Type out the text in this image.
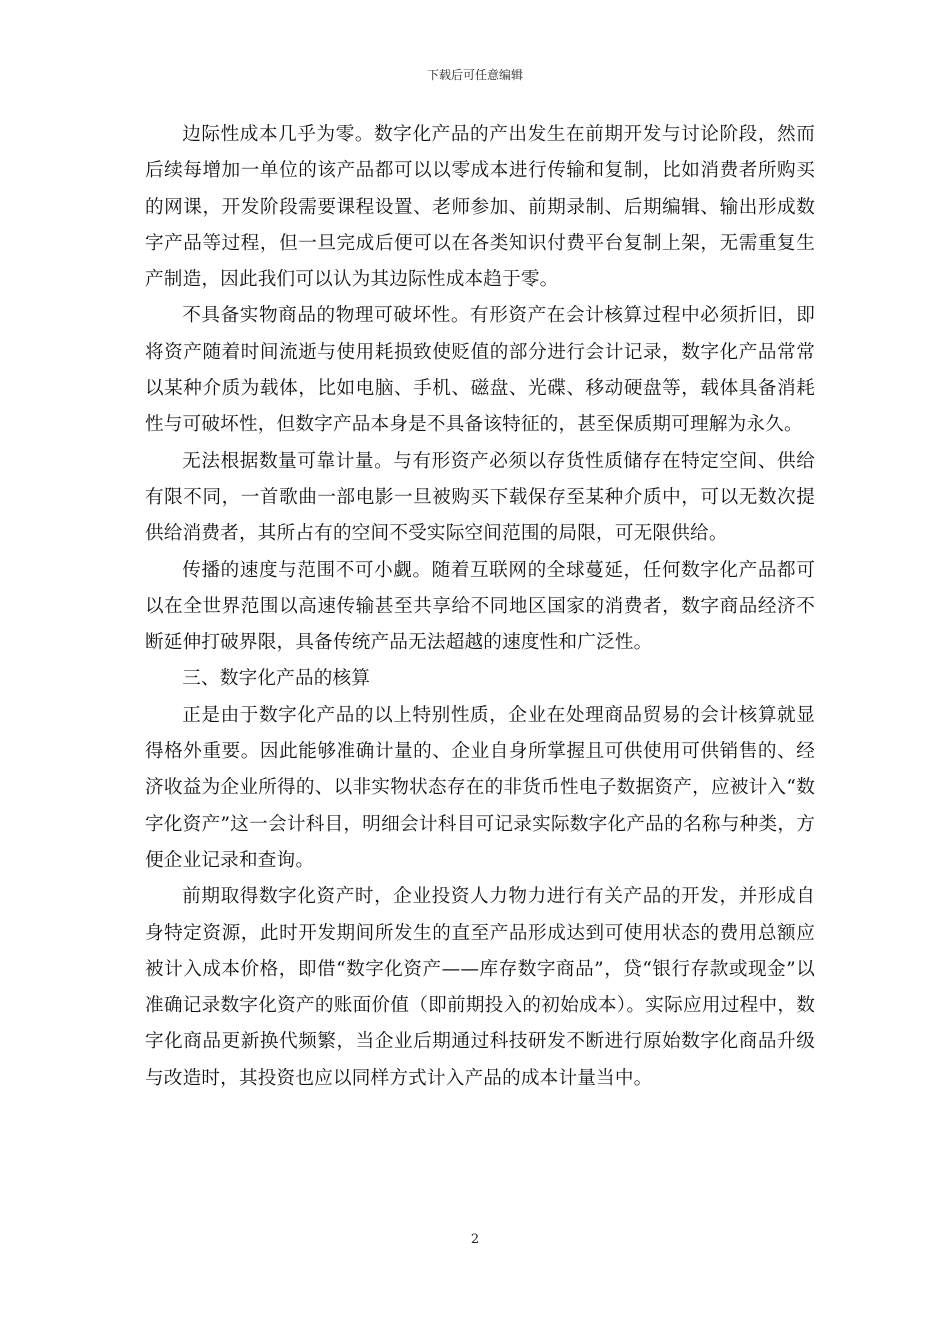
下载后可任意编辑

边际性成本几乎为零。数字化产品的产出发生在前期开发与讨论阶段，然而后续每增加一单位的该产品都可以以零成本进行传输和复制，比如消费者所购买的网课，开发阶段需要课程设置、老师参加、前期录制、后期编辑、输出形成数字产品等过程，但一旦完成后便可以在各类知识付费平台复制上架，无需重复生产制造，因此我们可以认为其边际性成本趋于零。

不具备实物商品的物理可破坏性。有形资产在会计核算过程中必须折旧，即将资产随着时间流逝与使用耗损致使贬值的部分进行会计记录，数字化产品常常以某种介质为载体，比如电脑、手机、磁盘、光碟、移动硬盘等，载体具备消耗性与可破坏性，但数字产品本身是不具备该特征的，甚至保质期可理解为永久。

无法根据数量可靠计量。与有形资产必须以存货性质储存在特定空间、供给有限不同，一首歌曲一部电影一旦被购买下载保存至某种介质中，可以无数次提供给消费者，其所占有的空间不受实际空间范围的局限，可无限供给。

传播的速度与范围不可小觑。随着互联网的全球蔓延，任何数字化产品都可以在全世界范围以高速传输甚至共享给不同地区国家的消费者，数字商品经济不断延伸打破界限，具备传统产品无法超越的速度性和广泛性。

三、数字化产品的核算

正是由于数字化产品的以上特别性质，企业在处理商品贸易的会计核算就显得格外重要。因此能够准确计量的、企业自身所掌握且可供使用可供销售的、经济收益为企业所得的、以非实物状态存在的非货币性电子数据资产，应被计入“数字化资产”这一会计科目，明细会计科目可记录实际数字化产品的名称与种类，方便企业记录和查询。

前期取得数字化资产时，企业投资人力物力进行有关产品的开发，并形成自身特定资源，此时开发期间所发生的直至产品形成达到可使用状态的费用总额应被计入成本价格，即借“数字化资产——库存数字商品”，贷“银行存款或现金”以准确记录数字化资产的账面价值（即前期投入的初始成本）。实际应用过程中，数字化商品更新换代频繁，当企业后期通过科技研发不断进行原始数字化商品升级与改造时，其投资也应以同样方式计入产品的成本计量当中。

2
